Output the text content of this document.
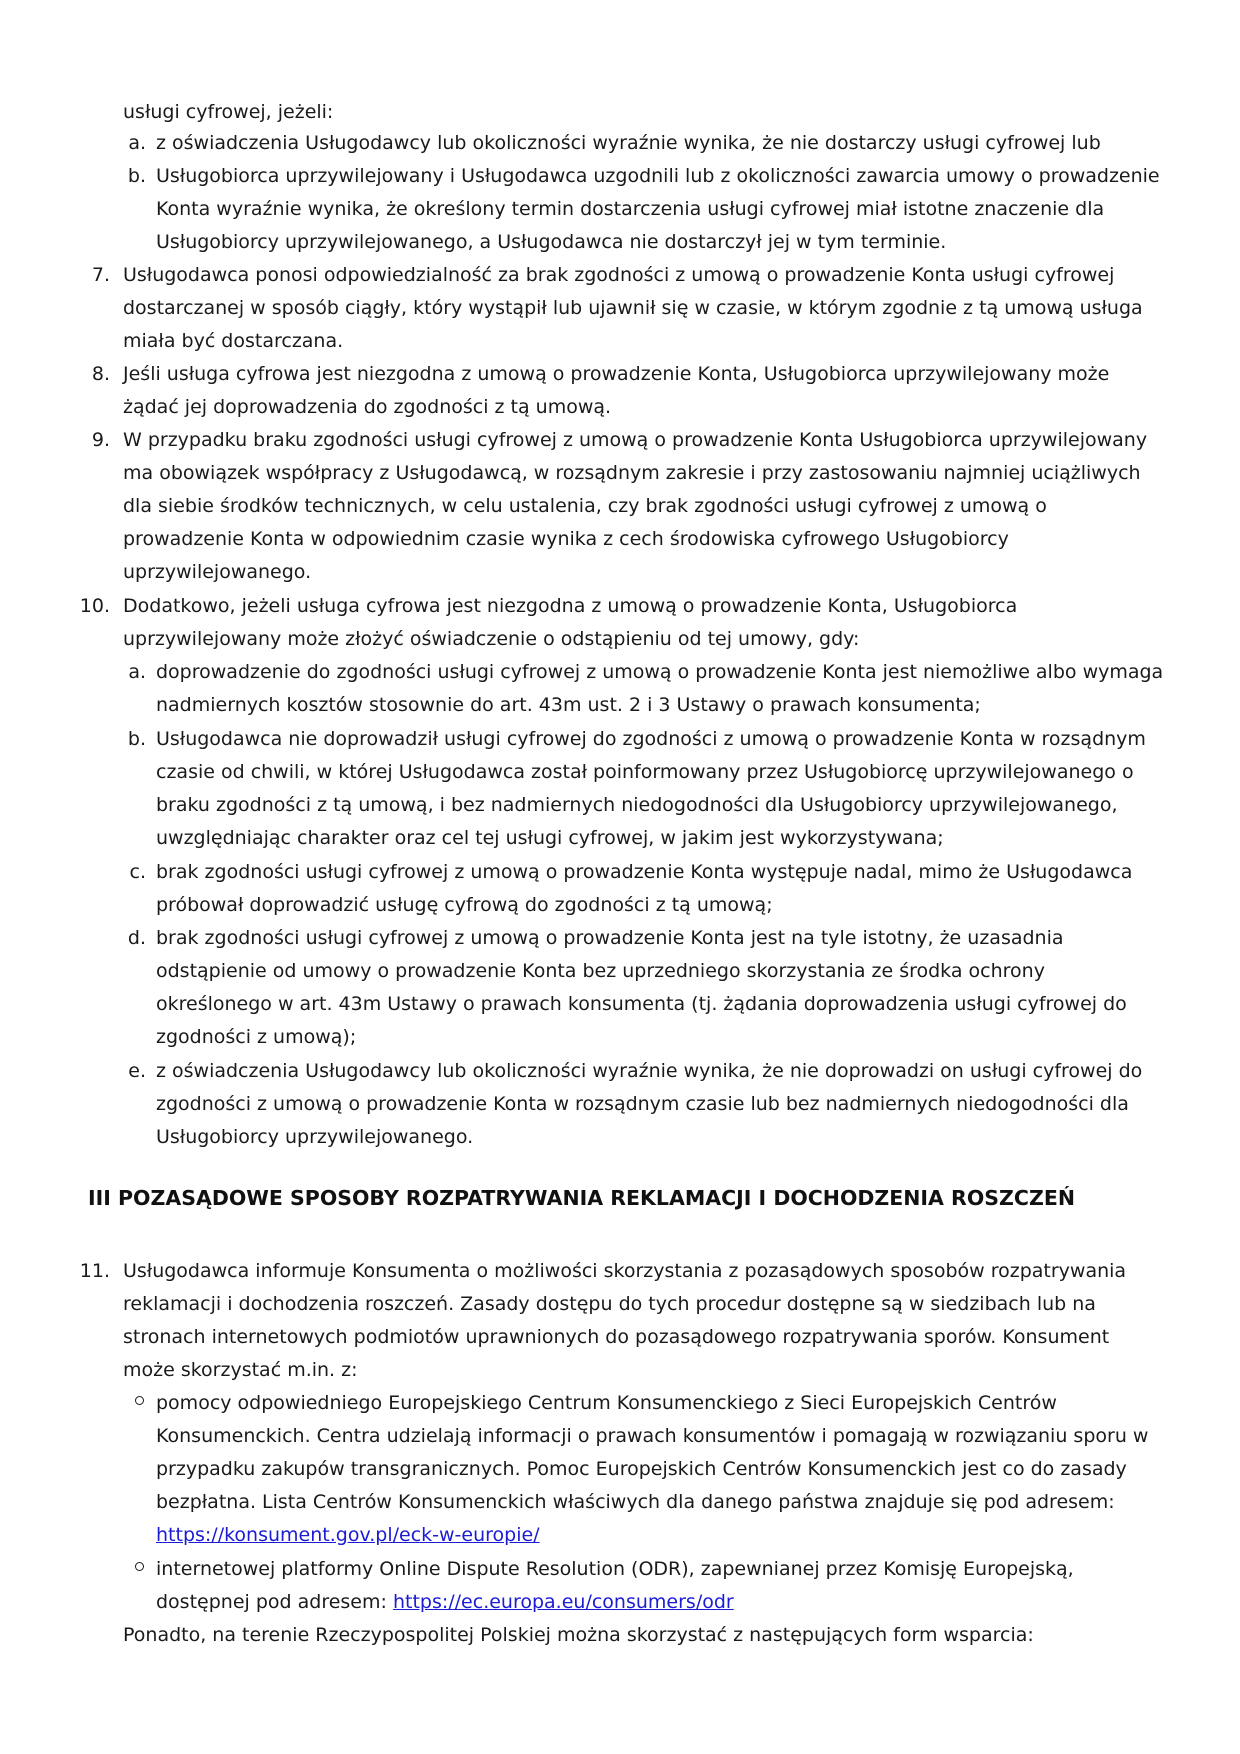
usługi cyfrowej, jeżeli:
a. z oświadczenia Usługodawcy lub okoliczności wyraźnie wynika, że nie dostarczy usługi cyfrowej lub
b. Usługobiorca uprzywilejowany i Usługodawca uzgodnili lub z okoliczności zawarcia umowy o prowadzenie
Konta wyraźnie wynika, że określony termin dostarczenia usługi cyfrowej miał istotne znaczenie dla
Usługobiorcy uprzywilejowanego, a Usługodawca nie dostarczył jej w tym terminie.
7. Usługodawca ponosi odpowiedzialność za brak zgodności z umową o prowadzenie Konta usługi cyfrowej
dostarczanej w sposób ciągły, który wystąpił lub ujawnił się w czasie, w którym zgodnie z tą umową usługa
miała być dostarczana.
8. Jeśli usługa cyfrowa jest niezgodna z umową o prowadzenie Konta, Usługobiorca uprzywilejowany może
żądać jej doprowadzenia do zgodności z tą umową.
9. W przypadku braku zgodności usługi cyfrowej z umową o prowadzenie Konta Usługobiorca uprzywilejowany
ma obowiązek współpracy z Usługodawcą, w rozsądnym zakresie i przy zastosowaniu najmniej uciążliwych
dla siebie środków technicznych, w celu ustalenia, czy brak zgodności usługi cyfrowej z umową o
prowadzenie Konta w odpowiednim czasie wynika z cech środowiska cyfrowego Usługobiorcy
uprzywilejowanego.
10. Dodatkowo, jeżeli usługa cyfrowa jest niezgodna z umową o prowadzenie Konta, Usługobiorca
uprzywilejowany może złożyć oświadczenie o odstąpieniu od tej umowy, gdy:
a. doprowadzenie do zgodności usługi cyfrowej z umową o prowadzenie Konta jest niemożliwe albo wymaga
nadmiernych kosztów stosownie do art. 43m ust. 2 i 3 Ustawy o prawach konsumenta;
b. Usługodawca nie doprowadził usługi cyfrowej do zgodności z umową o prowadzenie Konta w rozsądnym
czasie od chwili, w której Usługodawca został poinformowany przez Usługobiorcę uprzywilejowanego o
braku zgodności z tą umową, i bez nadmiernych niedogodności dla Usługobiorcy uprzywilejowanego,
uwzględniając charakter oraz cel tej usługi cyfrowej, w jakim jest wykorzystywana;
c. brak zgodności usługi cyfrowej z umową o prowadzenie Konta występuje nadal, mimo że Usługodawca
próbował doprowadzić usługę cyfrową do zgodności z tą umową;
d. brak zgodności usługi cyfrowej z umową o prowadzenie Konta jest na tyle istotny, że uzasadnia
odstąpienie od umowy o prowadzenie Konta bez uprzedniego skorzystania ze środka ochrony
określonego w art. 43m Ustawy o prawach konsumenta (tj. żądania doprowadzenia usługi cyfrowej do
zgodności z umową);
e. z oświadczenia Usługodawcy lub okoliczności wyraźnie wynika, że nie doprowadzi on usługi cyfrowej do
zgodności z umową o prowadzenie Konta w rozsądnym czasie lub bez nadmiernych niedogodności dla
Usługobiorcy uprzywilejowanego.
III POZASĄDOWE SPOSOBY ROZPATRYWANIA REKLAMACJI I DOCHODZENIA ROSZCZEŃ
11. Usługodawca informuje Konsumenta o możliwości skorzystania z pozasądowych sposobów rozpatrywania
reklamacji i dochodzenia roszczeń. Zasady dostępu do tych procedur dostępne są w siedzibach lub na
stronach internetowych podmiotów uprawnionych do pozasądowego rozpatrywania sporów. Konsument
może skorzystać m.in. z:
pomocy odpowiedniego Europejskiego Centrum Konsumenckiego z Sieci Europejskich Centrów
Konsumenckich. Centra udzielają informacji o prawach konsumentów i pomagają w rozwiązaniu sporu w
przypadku zakupów transgranicznych. Pomoc Europejskich Centrów Konsumenckich jest co do zasady
bezpłatna. Lista Centrów Konsumenckich właściwych dla danego państwa znajduje się pod adresem:
https://konsument.gov.pl/eck-w-europie/
internetowej platformy Online Dispute Resolution (ODR), zapewnianej przez Komisję Europejską,
dostępnej pod adresem: https://ec.europa.eu/consumers/odr
Ponadto, na terenie Rzeczypospolitej Polskiej można skorzystać z następujących form wsparcia:
